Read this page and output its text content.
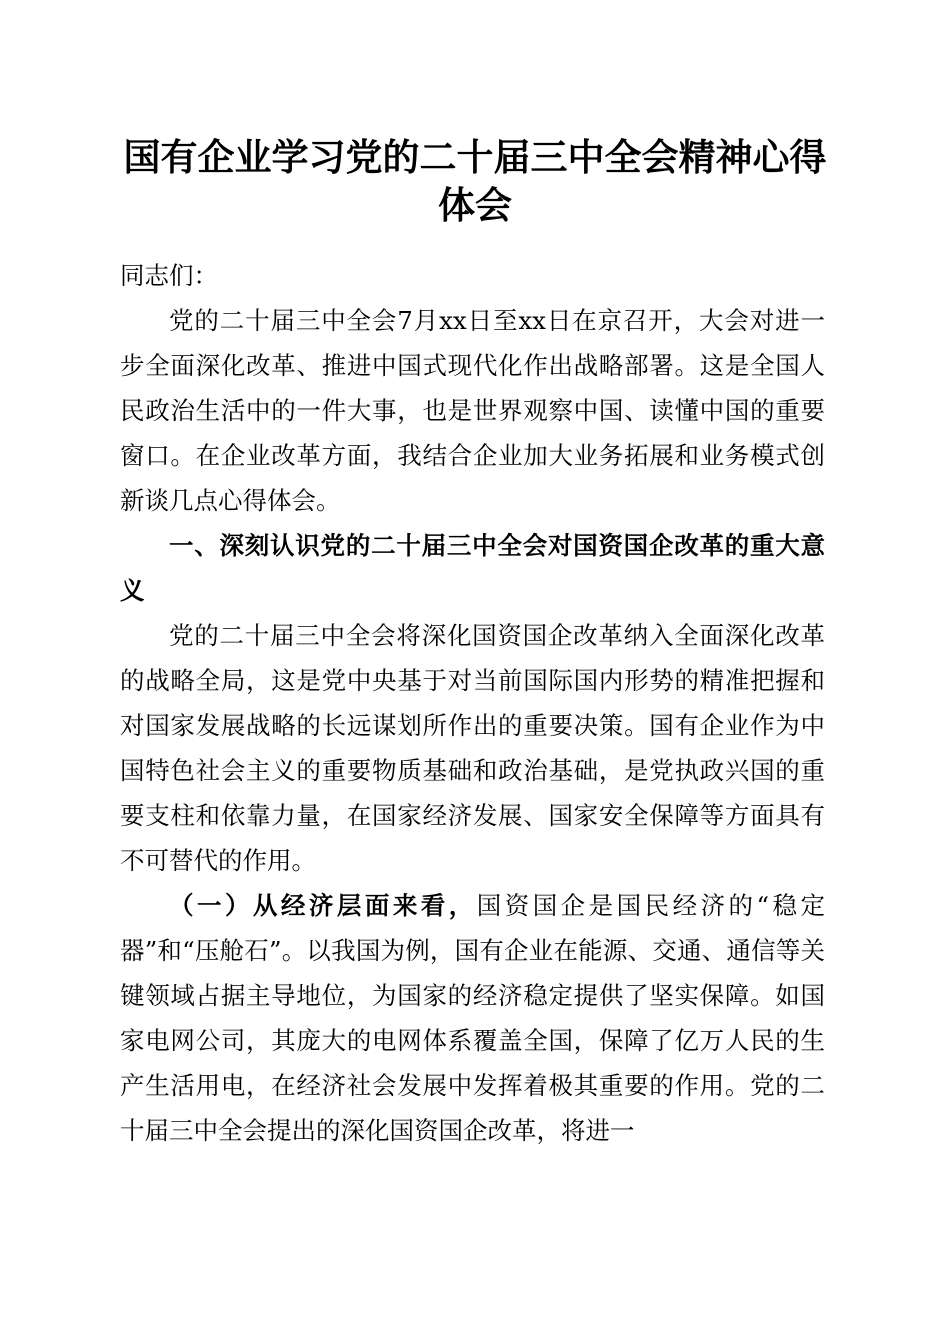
国有企业学习党的二十届三中全会精神心得体会

同志们：

党的二十届三中全会7月xx日至xx日在京召开，大会对进一步全面深化改革、推进中国式现代化作出战略部署。这是全国人民政治生活中的一件大事，也是世界观察中国、读懂中国的重要窗口。在企业改革方面，我结合企业加大业务拓展和业务模式创新谈几点心得体会。

一、深刻认识党的二十届三中全会对国资国企改革的重大意义

党的二十届三中全会将深化国资国企改革纳入全面深化改革的战略全局，这是党中央基于对当前国际国内形势的精准把握和对国家发展战略的长远谋划所作出的重要决策。国有企业作为中国特色社会主义的重要物质基础和政治基础，是党执政兴国的重要支柱和依靠力量，在国家经济发展、国家安全保障等方面具有不可替代的作用。

（一）从经济层面来看，国资国企是国民经济的“稳定器”和“压舱石”。以我国为例，国有企业在能源、交通、通信等关键领域占据主导地位，为国家的经济稳定提供了坚实保障。如国家电网公司，其庞大的电网体系覆盖全国，保障了亿万人民的生产生活用电，在经济社会发展中发挥着极其重要的作用。党的二十届三中全会提出的深化国资国企改革，将进一
